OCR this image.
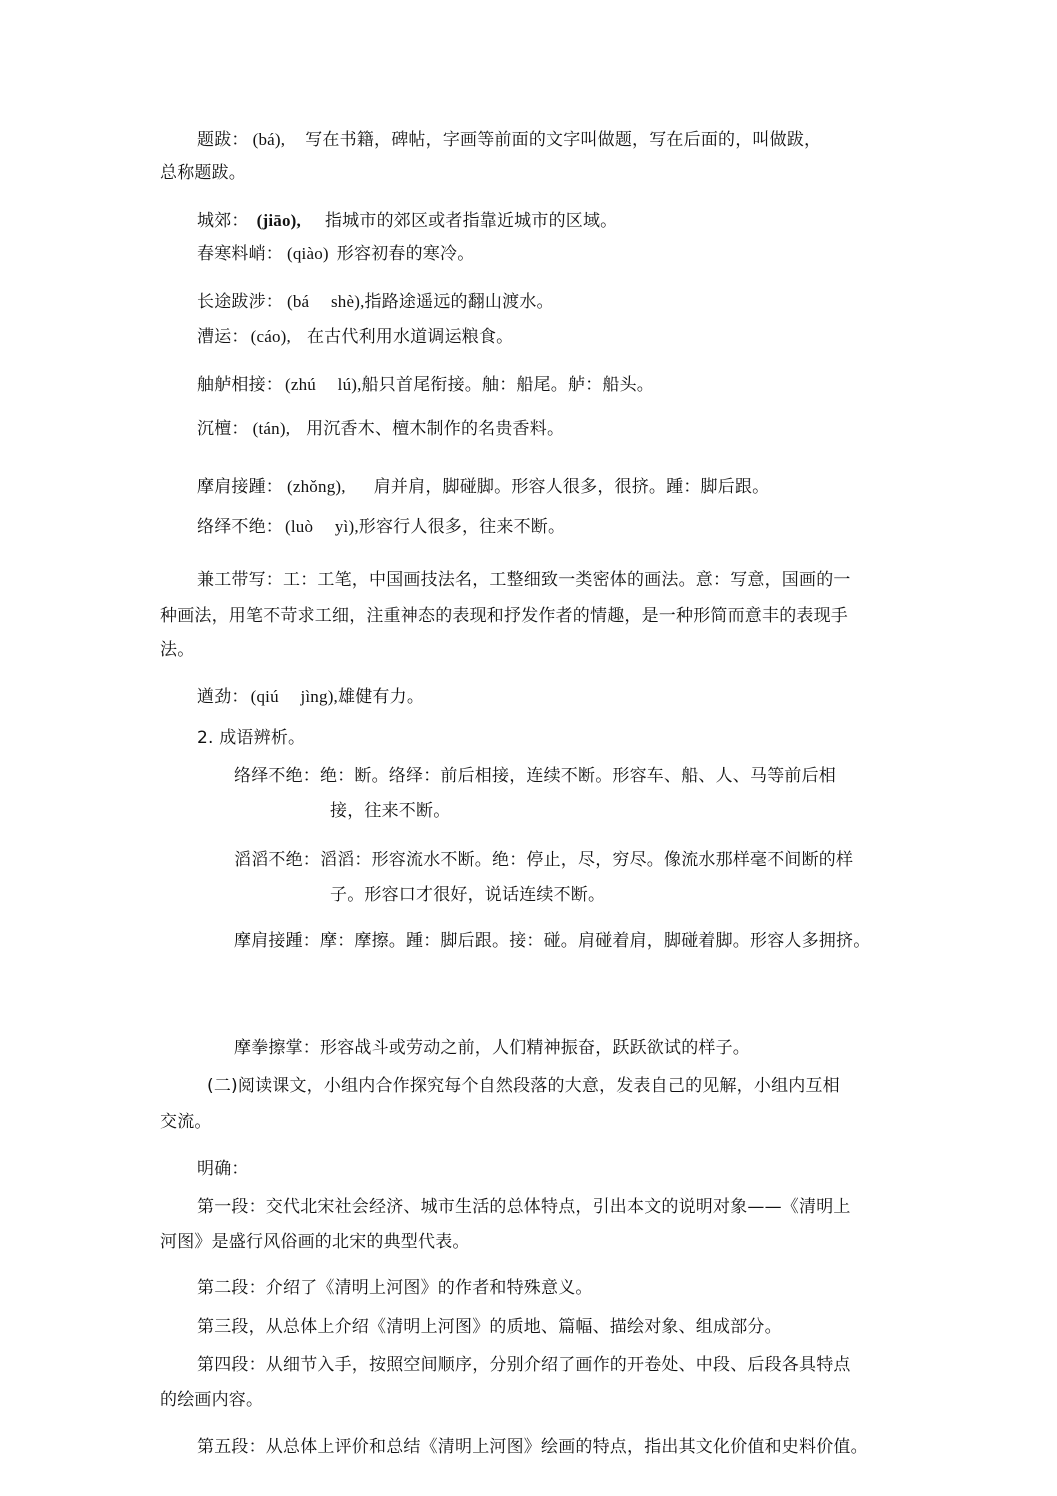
题跋： (bá), 写在书籍，碑帖，字画等前面的文字叫做题，写在后面的，叫做跋，
总称题跋。
城郊： (jiāo), 指城市的郊区或者指靠近城市的区域。
春寒料峭： (qiào) 形容初春的寒冷。
长途跋涉： (bá　 shè),指路途遥远的翻山渡水。
漕运： (cáo), 在古代利用水道调运粮食。
舳舻相接： (zhú　 lú),船只首尾衔接。舳：船尾。舻：船头。
沉檀： (tán), 用沉香木、檀木制作的名贵香料。
摩肩接踵： (zhǒng), 肩并肩，脚碰脚。形容人很多，很挤。踵：脚后跟。
络绎不绝： (luò　 yì),形容行人很多，往来不断。
兼工带写：工：工笔，中国画技法名，工整细致一类密体的画法。意：写意，国画的一
种画法，用笔不苛求工细，注重神态的表现和抒发作者的情趣，是一种形简而意丰的表现手
法。
遒劲： (qiú　 jìng),雄健有力。
2. 成语辨析。
络绎不绝：绝：断。络绎：前后相接，连续不断。形容车、船、人、马等前后相
接，往来不断。
滔滔不绝：滔滔：形容流水不断。绝：停止，尽，穷尽。像流水那样毫不间断的样
子。形容口才很好，说话连续不断。
摩肩接踵：摩：摩擦。踵：脚后跟。接：碰。肩碰着肩，脚碰着脚。形容人多拥挤。
摩拳擦掌：形容战斗或劳动之前，人们精神振奋，跃跃欲试的样子。
(二)阅读课文，小组内合作探究每个自然段落的大意，发表自己的见解，小组内互相
交流。
明确：
第一段：交代北宋社会经济、城市生活的总体特点，引出本文的说明对象——《清明上
河图》是盛行风俗画的北宋的典型代表。
第二段：介绍了《清明上河图》的作者和特殊意义。
第三段，从总体上介绍《清明上河图》的质地、篇幅、描绘对象、组成部分。
第四段：从细节入手，按照空间顺序，分别介绍了画作的开卷处、中段、后段各具特点
的绘画内容。
第五段：从总体上评价和总结《清明上河图》绘画的特点，指出其文化价值和史料价值。
